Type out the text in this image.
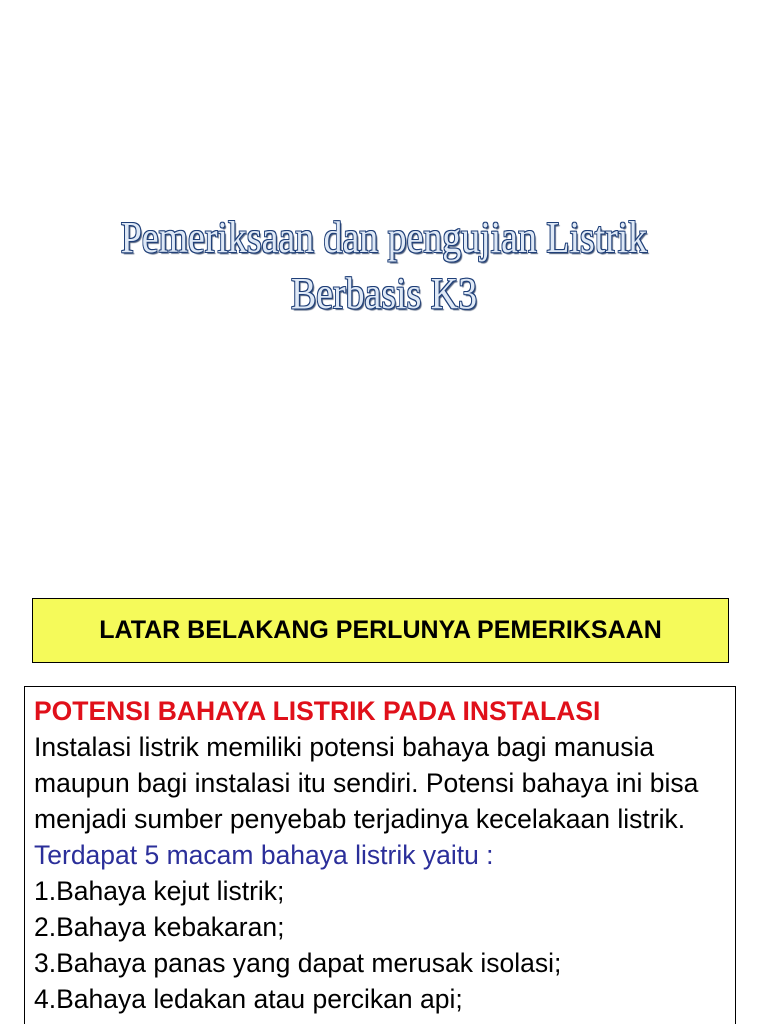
Pemeriksaan dan pengujian Listrik
Berbasis K3
LATAR BELAKANG PERLUNYA PEMERIKSAAN

POTENSI BAHAYA LISTRIK PADA INSTALASI

Instalasi listrik memiliki potensi bahaya bagi manusia maupun bagi instalasi itu sendiri. Potensi bahaya ini bisa menjadi sumber penyebab terjadinya kecelakaan listrik.

Terdapat 5 macam bahaya listrik yaitu :

1.Bahaya kejut listrik;

2.Bahaya kebakaran;

3.Bahaya panas yang dapat merusak isolasi;

4.Bahaya ledakan atau percikan api;
